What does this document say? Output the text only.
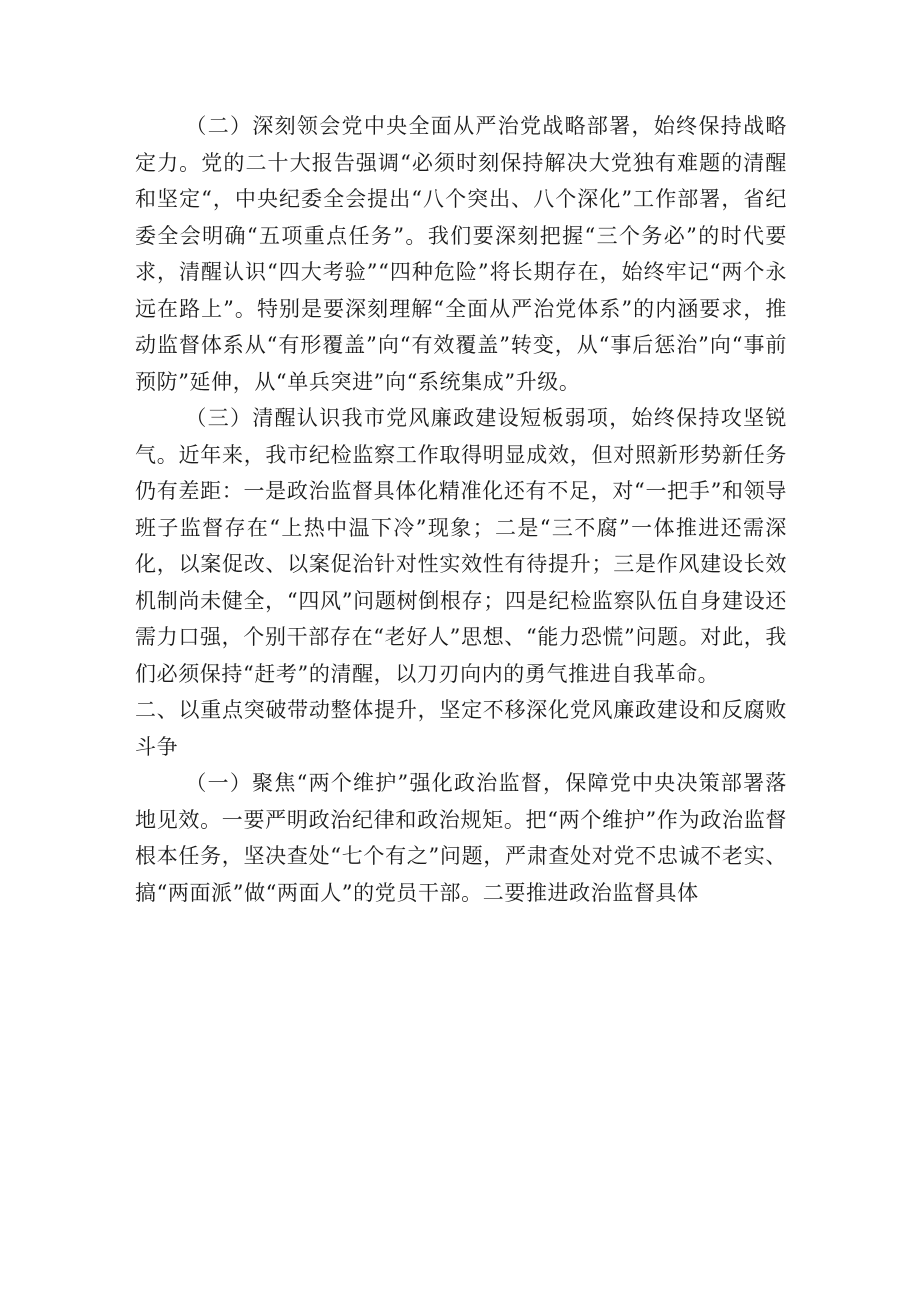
（二）深刻领会党中央全面从严治党战略部署，始终保持战略定力。党的二十大报告强调“必须时刻保持解决大党独有难题的清醒和坚定“，中央纪委全会提出“八个突出、八个深化”工作部署，省纪委全会明确“五项重点任务”。我们要深刻把握“三个务必”的时代要求，清醒认识“四大考验”“四种危险”将长期存在，始终牢记“两个永远在路上”。特别是要深刻理解“全面从严治党体系”的内涵要求，推动监督体系从“有形覆盖”向“有效覆盖”转变，从“事后惩治”向“事前预防”延伸，从“单兵突进”向“系统集成”升级。

（三）清醒认识我市党风廉政建设短板弱项，始终保持攻坚锐气。近年来，我市纪检监察工作取得明显成效，但对照新形势新任务仍有差距：一是政治监督具体化精准化还有不足，对“一把手”和领导班子监督存在“上热中温下冷”现象；二是“三不腐”一体推进还需深化，以案促改、以案促治针对性实效性有待提升；三是作风建设长效机制尚未健全，“四风”问题树倒根存；四是纪检监察队伍自身建设还需力口强，个别干部存在“老好人”思想、“能力恐慌”问题。对此，我们必须保持“赶考”的清醒，以刀刃向内的勇气推进自我革命。

二、以重点突破带动整体提升，坚定不移深化党风廉政建设和反腐败斗争

（一）聚焦“两个维护”强化政治监督，保障党中央决策部署落地见效。一要严明政治纪律和政治规矩。把“两个维护”作为政治监督根本任务，坚决查处“七个有之”问题，严肃查处对党不忠诚不老实、搞“两面派”做“两面人”的党员干部。二要推进政治监督具体
